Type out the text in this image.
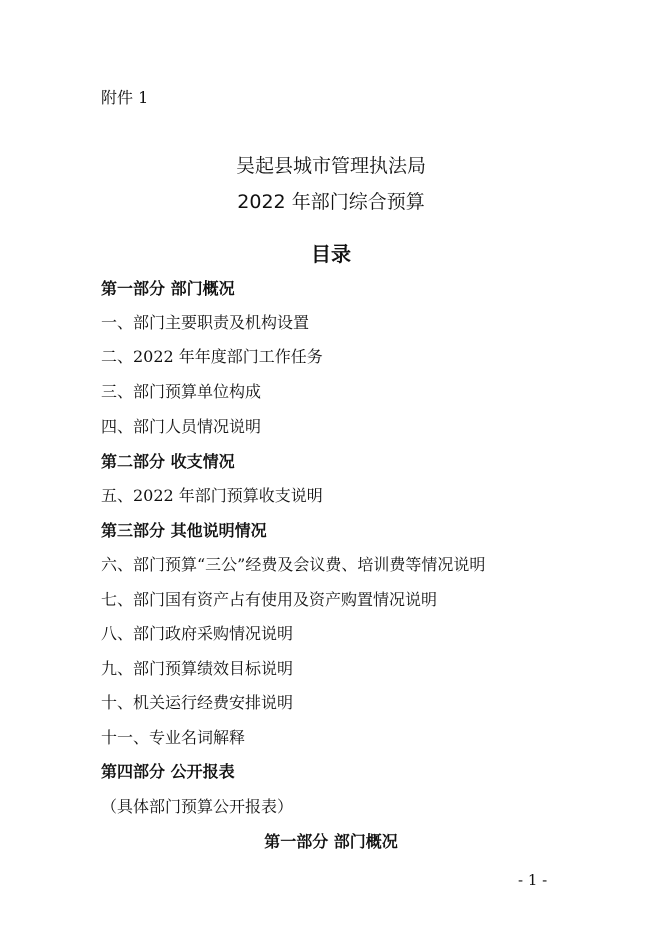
附件 1
吴起县城市管理执法局
2022 年部门综合预算
目录
第一部分 部门概况
一、部门主要职责及机构设置
二、2022 年年度部门工作任务
三、部门预算单位构成
四、部门人员情况说明
第二部分 收支情况
五、2022 年部门预算收支说明
第三部分 其他说明情况
六、部门预算“三公”经费及会议费、培训费等情况说明
七、部门国有资产占有使用及资产购置情况说明
八、部门政府采购情况说明
九、部门预算绩效目标说明
十、机关运行经费安排说明
十一、专业名词解释
第四部分 公开报表
（具体部门预算公开报表）
第一部分 部门概况
- 1 -
